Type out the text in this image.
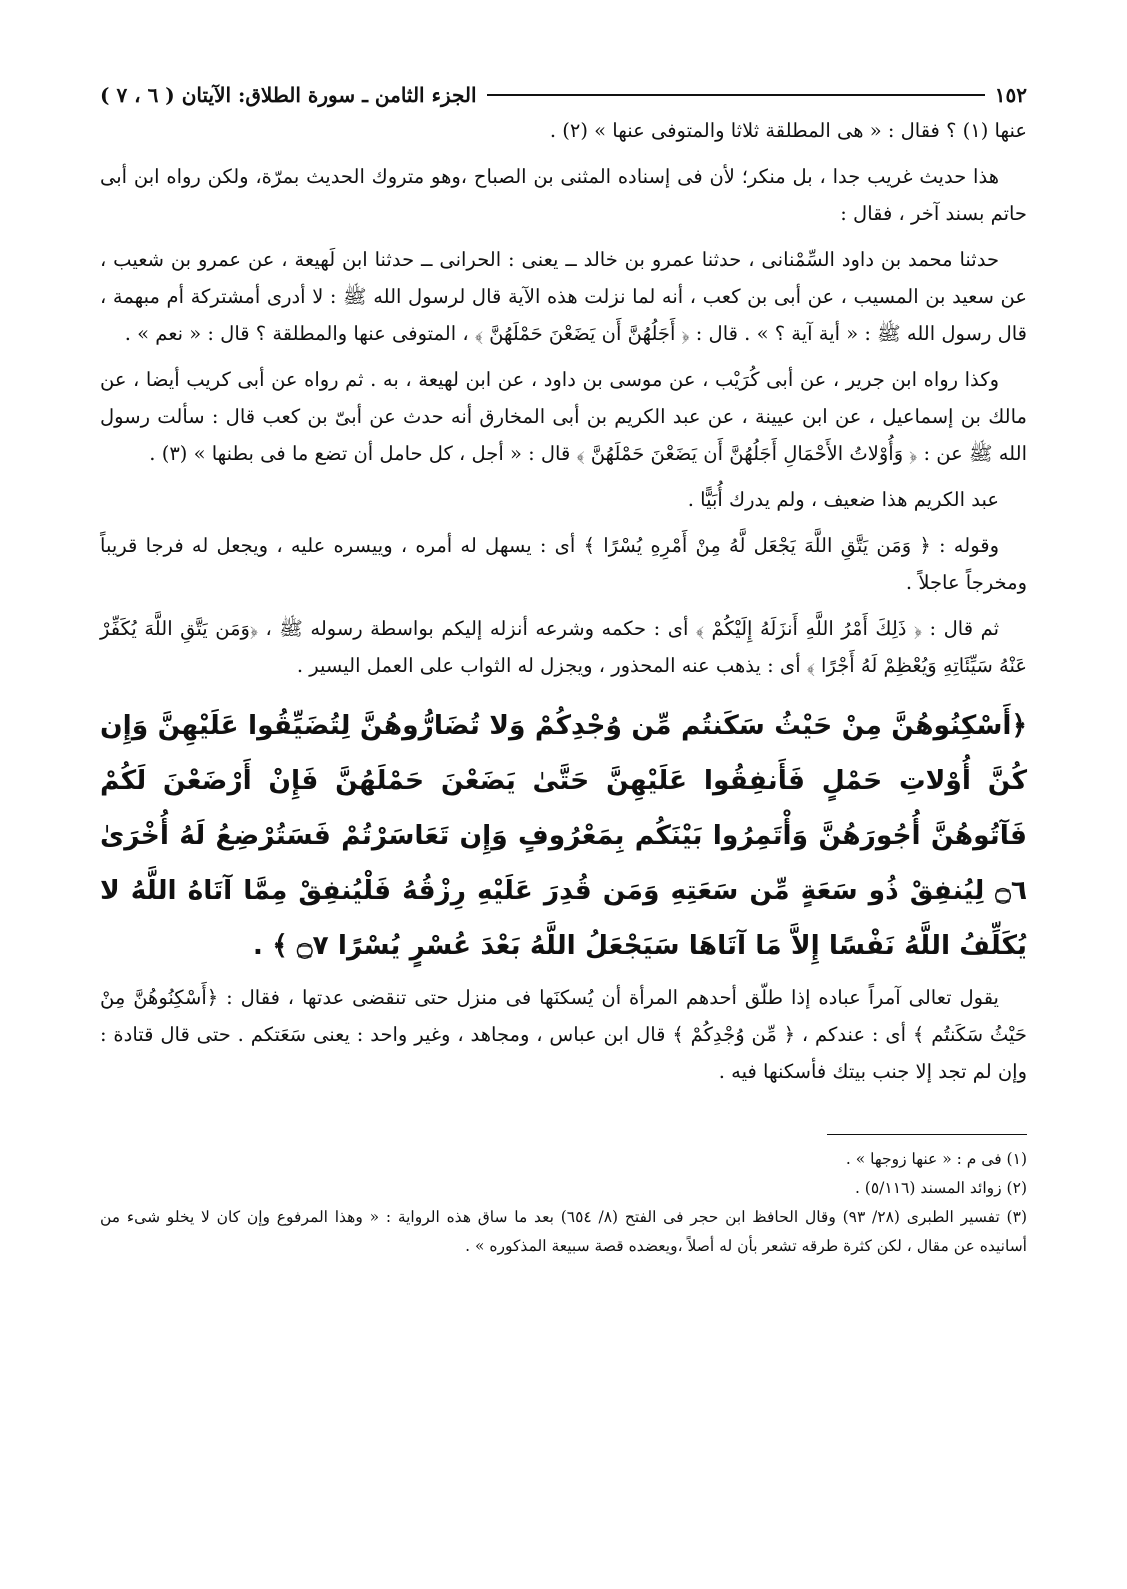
١٥٢
الجزء الثامن ـ سورة الطلاق: الآيتان ( ٦ ، ٧ )

عنها (١) ؟ فقال : « هى المطلقة ثلاثا والمتوفى عنها » (٢) .

هذا حديث غريب جدا ، بل منكر؛ لأن فى إسناده المثنى بن الصباح ،وهو متروك الحديث بمرّة، ولكن رواه ابن أبى حاتم بسند آخر ، فقال :

حدثنا محمد بن داود السِّمْنانى ، حدثنا عمرو بن خالد ــ يعنى : الحرانى ــ حدثنا ابن لَهيعة ، عن عمرو بن شعيب ، عن سعيد بن المسيب ، عن أبى بن كعب ، أنه لما نزلت هذه الآية قال لرسول الله ﷺ : لا أدرى أمشتركة أم مبهمة ، قال رسول الله ﷺ : « أية آية ؟ » . قال : ﴿ أَجَلُهُنَّ أَن يَضَعْنَ حَمْلَهُنَّ ﴾ ، المتوفى عنها والمطلقة ؟ قال : « نعم » .

وكذا رواه ابن جرير ، عن أبى كُرَيْب ، عن موسى بن داود ، عن ابن لهيعة ، به . ثم رواه عن أبى كريب أيضا ، عن مالك بن إسماعيل ، عن ابن عيينة ، عن عبد الكريم بن أبى المخارق أنه حدث عن أبىّ بن كعب قال : سألت رسول الله ﷺ عن : ﴿ وَأُوْلاتُ الأَحْمَالِ أَجَلُهُنَّ أَن يَضَعْنَ حَمْلَهُنَّ ﴾ قال : « أجل ، كل حامل أن تضع ما فى بطنها » (٣) .

عبد الكريم هذا ضعيف ، ولم يدرك أُبَيًّا .

وقوله : ﴿ وَمَن يَتَّقِ اللَّهَ يَجْعَل لَّهُ مِنْ أَمْرِهِ يُسْرًا ﴾ أى : يسهل له أمره ، وييسره عليه ، ويجعل له فرجا قريباً ومخرجاً عاجلاً .

ثم قال : ﴿ ذَلِكَ أَمْرُ اللَّهِ أَنزَلَهُ إِلَيْكُمْ ﴾ أى : حكمه وشرعه أنزله إليكم بواسطة رسوله ﷺ ، ﴿وَمَن يَتَّقِ اللَّهَ يُكَفِّرْ عَنْهُ سَيِّئَاتِهِ وَيُعْظِمْ لَهُ أَجْرًا ﴾ أى : يذهب عنه المحذور ، ويجزل له الثواب على العمل اليسير .

﴿أَسْكِنُوهُنَّ مِنْ حَيْثُ سَكَنتُم مِّن وُجْدِكُمْ وَلا تُضَارُّوهُنَّ لِتُضَيِّقُوا عَلَيْهِنَّ وَإِن كُنَّ أُوْلاتِ حَمْلٍ فَأَنفِقُوا عَلَيْهِنَّ حَتَّىٰ يَضَعْنَ حَمْلَهُنَّ فَإِنْ أَرْضَعْنَ لَكُمْ فَآتُوهُنَّ أُجُورَهُنَّ وَأْتَمِرُوا بَيْنَكُم بِمَعْرُوفٍ وَإِن تَعَاسَرْتُمْ فَسَتُرْضِعُ لَهُ أُخْرَىٰ ۝٦ لِيُنفِقْ ذُو سَعَةٍ مِّن سَعَتِهِ وَمَن قُدِرَ عَلَيْهِ رِزْقُهُ فَلْيُنفِقْ مِمَّا آتَاهُ اللَّهُ لا يُكَلِّفُ اللَّهُ نَفْسًا إِلاَّ مَا آتَاهَا سَيَجْعَلُ اللَّهُ بَعْدَ عُسْرٍ يُسْرًا ۝٧ ﴾ .

يقول تعالى آمراً عباده إذا طلّق أحدهم المرأة أن يُسكنَها فى منزل حتى تنقضى عدتها ، فقال : ﴿أَسْكِنُوهُنَّ مِنْ حَيْثُ سَكَنتُم ﴾ أى : عندكم ، ﴿ مِّن وُجْدِكُمْ ﴾ قال ابن عباس ، ومجاهد ، وغير واحد : يعنى سَعَتكم . حتى قال قتادة : وإن لم تجد إلا جنب بيتك فأسكنها فيه .

(١) فى م : « عنها زوجها » .

(٢) زوائد المسند (٥/١١٦) .

(٣) تفسير الطبرى (٢٨/ ٩٣) وقال الحافظ ابن حجر فى الفتح (٨/ ٦٥٤) بعد ما ساق هذه الرواية : « وهذا المرفوع وإن كان لا يخلو شىء من أسانيده عن مقال ، لكن كثرة طرقه تشعر بأن له أصلاً ،ويعضده قصة سبيعة المذكوره » .
